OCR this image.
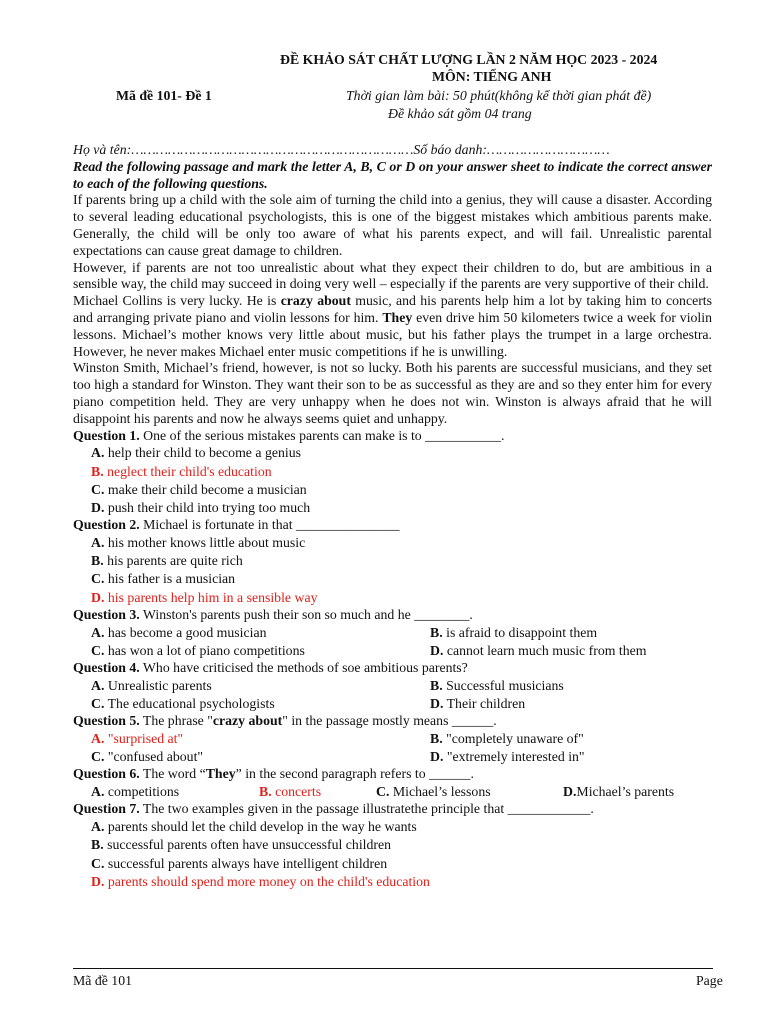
ĐỀ KHẢO SÁT CHẤT LƯỢNG LẦN 2 NĂM HỌC 2023 - 2024
MÔN: TIẾNG ANH
Mã đề 101- Đề 1	Thời gian làm bài: 50 phút(không kể thời gian phát đề)
Đề khảo sát gồm 04 trang
Họ và tên:……………………………………………………………Số báo danh:…………………………
Read the following passage and mark the letter A, B, C or D on your answer sheet to indicate the correct answer to each of the following questions.

If parents bring up a child with the sole aim of turning the child into a genius, they will cause a disaster. According to several leading educational psychologists, this is one of the biggest mistakes which ambitious parents make. Generally, the child will be only too aware of what his parents expect, and will fail. Unrealistic parental expectations can cause great damage to children.

However, if parents are not too unrealistic about what they expect their children to do, but are ambitious in a sensible way, the child may succeed in doing very well – especially if the parents are very supportive of their child.

Michael Collins is very lucky. He is crazy about music, and his parents help him a lot by taking him to concerts and arranging private piano and violin lessons for him. They even drive him 50 kilometers twice a week for violin lessons. Michael’s mother knows very little about music, but his father plays the trumpet in a large orchestra. However, he never makes Michael enter music competitions if he is unwilling.

Winston Smith, Michael’s friend, however, is not so lucky. Both his parents are successful musicians, and they set too high a standard for Winston. They want their son to be as successful as they are and so they enter him for every piano competition held. They are very unhappy when he does not win. Winston is always afraid that he will disappoint his parents and now he always seems quiet and unhappy.

Question 1. One of the serious mistakes parents can make is to ___________.
A. help their child to become a genius
B. neglect their child's education
C. make their child become a musician
D. push their child into trying too much
Question 2. Michael is fortunate in that _______________
A. his mother knows little about music
B. his parents are quite rich
C. his father is a musician
D. his parents help him in a sensible way
Question 3. Winston's parents push their son so much and he ________.
A. has become a good musician	B. is afraid to disappoint them
C. has won a lot of piano competitions	D. cannot learn much music from them
Question 4. Who have criticised the methods of soe ambitious parents?
A. Unrealistic parents	B. Successful musicians
C. The educational psychologists	D. Their children
Question 5. The phrase "crazy about" in the passage mostly means ______.
A. "surprised at"	B. "completely unaware of"
C. "confused about"	D. "extremely interested in"
Question 6. The word “They” in the second paragraph refers to ______.
A. competitions	B. concerts	C. Michael’s lessons	D.Michael’s parents
Question 7. The two examples given in the passage illustratethe principle that ____________.
A. parents should let the child develop in the way he wants
B. successful parents often have unsuccessful children
C. successful parents always have intelligent children
D. parents should spend more money on the child's education
Mã đề 101	Page
